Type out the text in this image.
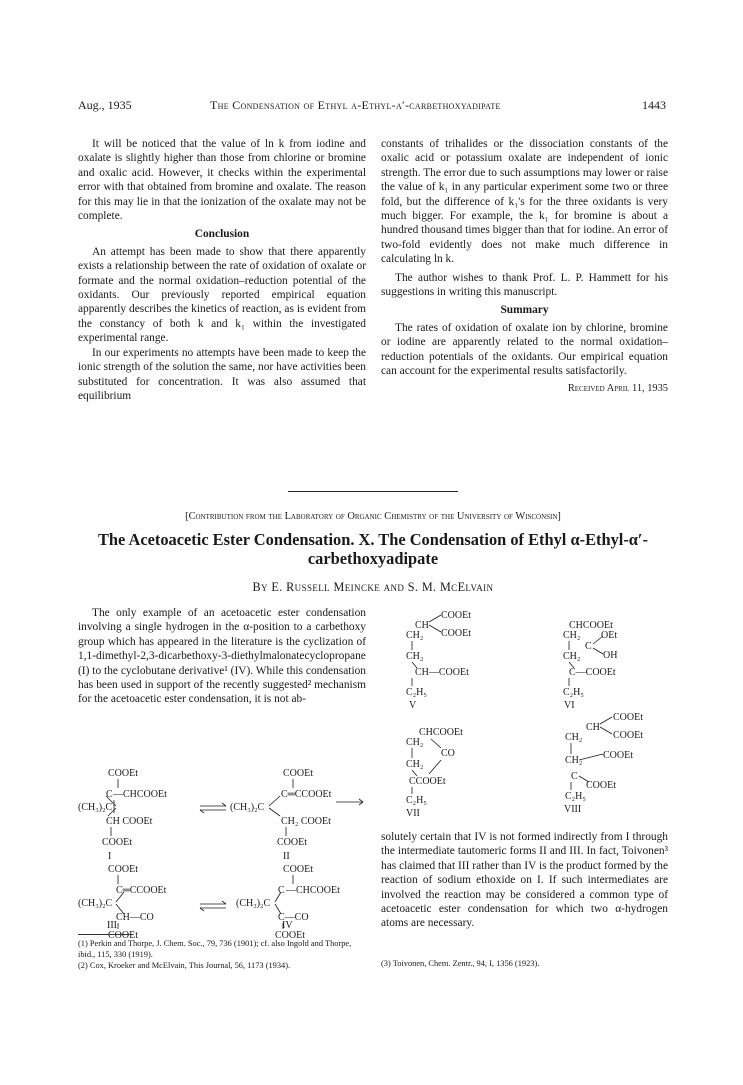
Aug., 1935	The Condensation of Ethyl α-Ethyl-α′-carbethoxyadipate	1443

It will be noticed that the value of ln k from iodine and oxalate is slightly higher than those from chlorine or bromine and oxalic acid. However, it checks within the experimental error with that obtained from bromine and oxalate. The reason for this may lie in that the ionization of the oxalate may not be complete.

Conclusion

An attempt has been made to show that there apparently exists a relationship between the rate of oxidation of oxalate or formate and the normal oxidation–reduction potential of the oxidants. Our previously reported empirical equation apparently describes the kinetics of reaction, as is evident from the constancy of both k and k₁ within the investigated experimental range.

In our experiments no attempts have been made to keep the ionic strength of the solution the same, nor have activities been substituted for concentration. It was also assumed that equilibrium

constants of trihalides or the dissociation constants of the oxalic acid or potassium oxalate are independent of ionic strength. The error due to such assumptions may lower or raise the value of k₁ in any particular experiment some two or three fold, but the difference of k₁'s for the three oxidants is very much bigger. For example, the k₁ for bromine is about a hundred thousand times bigger than that for iodine. An error of two-fold evidently does not make much difference in calculating ln k.

The author wishes to thank Prof. L. P. Hammett for his suggestions in writing this manuscript.

Summary

The rates of oxidation of oxalate ion by chlorine, bromine or iodine are apparently related to the normal oxidation–reduction potentials of the oxidants. Our empirical equation can account for the experimental results satisfactorily.

Received April 11, 1935

[Contribution from the Laboratory of Organic Chemistry of the University of Wisconsin]
The Acetoacetic Ester Condensation. X. The Condensation of Ethyl α-Ethyl-α′-carbethoxyadipate
By E. Russell Meincke and S. M. McElvain

The only example of an acetoacetic ester condensation involving a single hydrogen in the α-position to a carbethoxy group which has appeared in the literature is the cyclization of 1,1-dimethyl-2,3-dicarbethoxy-3-diethylmalonatecyclopropane (I) to the cyclobutane derivative¹ (IV). While this condensation has been used in support of the recently suggested² mechanism for the acetoacetic ester condensation, it is not ab-

COOEt
C —CHCOOEt
(CH₃)₂C
CH COOEt
COOEt
I
COOEt
C═CCOOEt
(CH₃)₂C
CH₂ COOEt
COOEt
II
COOEt
C═CCOOEt
(CH₃)₂C
CH—CO
COOEt
COOEt
—CHCOOEt
C
(CH₃)₂C
C—CO
COOEt
III	IV
COOEt
CH
COOEt
CH₂
CH₂
CH—COOEt
C₂H₅
V
CHCOOEt
CH₂
C
OEt
OH
CH₂
C—COOEt
C₂H₅
VI
CHCOOEt
CH₂
CO
CH₂
CCOOEt
C₂H₅
VII
COOEt
CH
COOEt
CH₂
CH₂ COOEt
C
COOEt
C₂H₅
VIII

solutely certain that IV is not formed indirectly from I through the intermediate tautomeric forms II and III. In fact, Toivonen³ has claimed that III rather than IV is the product formed by the reaction of sodium ethoxide on I. If such intermediates are involved the reaction may be considered a common type of acetoacetic ester condensation for which two α-hydrogen atoms are necessary.

(1) Perkin and Thorpe, J. Chem. Soc., 79, 736 (1901); cf. also Ingold and Thorpe, ibid., 115, 330 (1919).

(2) Cox, Kroeker and McElvain, This Journal, 56, 1173 (1934).	(3) Toivonen, Chem. Zentr., 94, I, 1356 (1923).
